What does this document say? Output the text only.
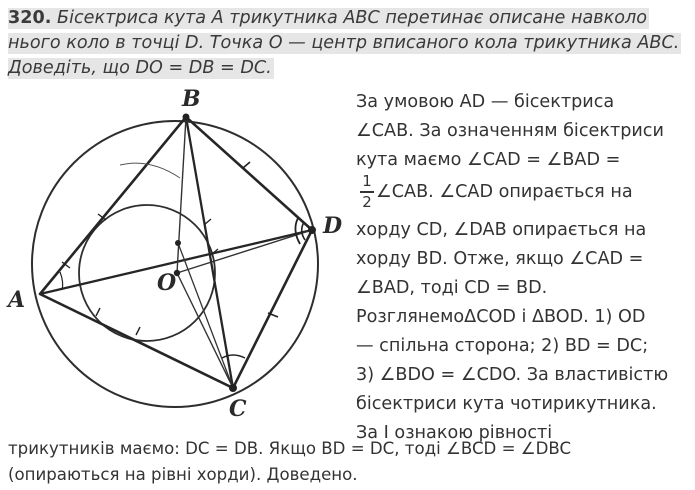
320. Бісектриса кута A трикутника ABC перетинає описане навколо нього коло в точці D. Точка O — центр вписаного кола трикутника ABC. Доведіть, що DO = DB = DC.
B
A
C
D
O
За умовою AD — бісектриса
∠CAB. За означенням бісектриси
кута маємо ∠CAD = ∠BAD =
1
2 ∠CAB. ∠CAD опирається на
хорду CD, ∠DAB опирається на
хорду BD. Отже, якщо ∠CAD =
∠BAD, тоді CD = BD.
РозглянемоΔCOD і ΔBOD. 1) OD
— спільна сторона; 2) BD = DC;
3) ∠BDO = ∠CDO. За властивістю
бісектриси кута чотирикутника.
За I ознакою рівності
трикутників маємо: DC = DB. Якщо BD = DC, тоді ∠BCD = ∠DBC
(опираються на рівні хорди). Доведено.
